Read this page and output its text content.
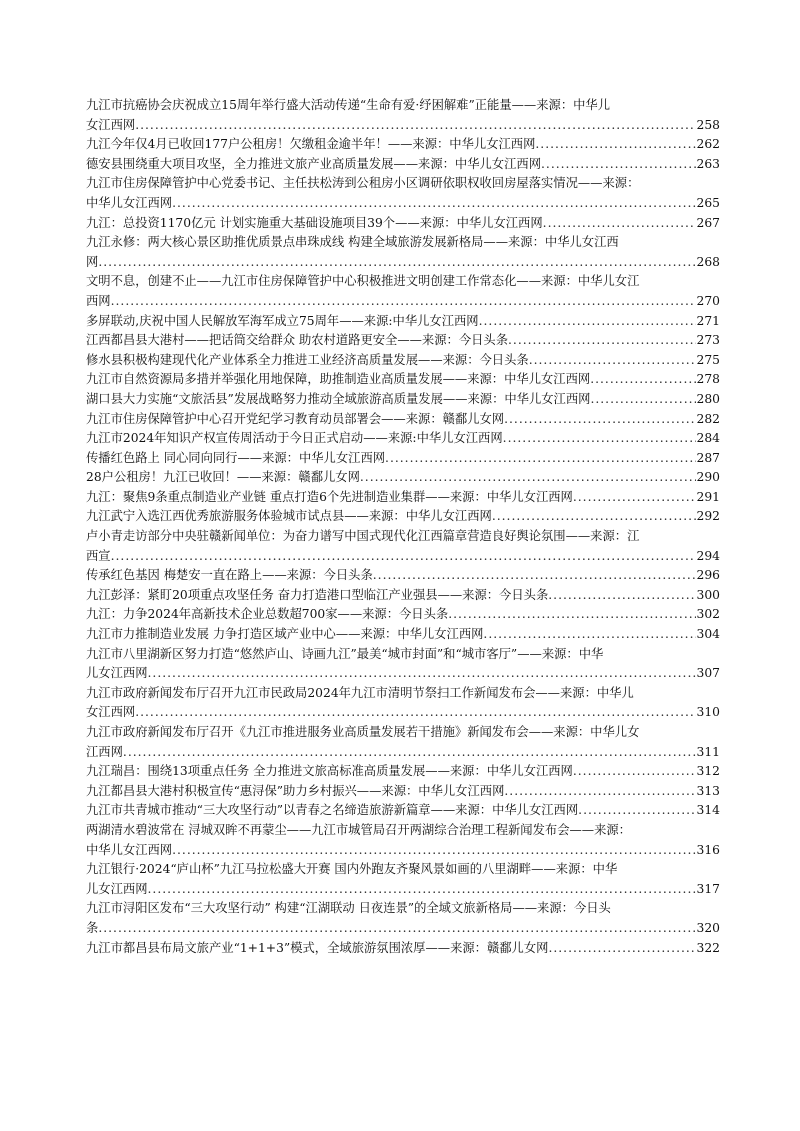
九江市抗癌协会庆祝成立15周年举行盛大活动传递“生命有爱·纾困解难”正能量——来源：中华儿
女江西网 .....	258
九江今年仅4月已收回177户公租房！欠缴租金逾半年！——来源：中华儿女江西网 .....	262
德安县围绕重大项目攻坚，全力推进文旅产业高质量发展——来源：中华儿女江西网 .....	263
九江市住房保障管护中心党委书记、主任扶松涛到公租房小区调研依职权收回房屋落实情况——来源：
中华儿女江西网 .....	265
九江：总投资1170亿元 计划实施重大基础设施项目39个——来源：中华儿女江西网 .....	267
九江永修：两大核心景区助推优质景点串珠成线 构建全域旅游发展新格局——来源：中华儿女江西
网 .....	268
文明不息，创建不止——九江市住房保障管护中心积极推进文明创建工作常态化——来源：中华儿女江
西网 .....	270
多屏联动,庆祝中国人民解放军海军成立75周年——来源:中华儿女江西网 .....	271
江西都昌县大港村——把话筒交给群众 助农村道路更安全——来源：今日头条 .....	273
修水县积极构建现代化产业体系全力推进工业经济高质量发展——来源：今日头条 .....	275
九江市自然资源局多措并举强化用地保障，助推制造业高质量发展——来源：中华儿女江西网 .....	278
湖口县大力实施“文旅活县”发展战略努力推动全域旅游高质量发展——来源：中华儿女江西网 .....	280
九江市住房保障管护中心召开党纪学习教育动员部署会——来源：赣鄱儿女网 .....	282
九江市2024年知识产权宣传周活动于今日正式启动——来源:中华儿女江西网 .....	284
传播红色路上 同心同向同行——来源：中华儿女江西网 .....	287
28户公租房！九江已收回！——来源：赣鄱儿女网 .....	290
九江：聚焦9条重点制造业产业链 重点打造6个先进制造业集群——来源：中华儿女江西网 .....	291
九江武宁入选江西优秀旅游服务体验城市试点县——来源：中华儿女江西网 .....	292
卢小青走访部分中央驻赣新闻单位：为奋力谱写中国式现代化江西篇章营造良好舆论氛围——来源：江
西宣 .....	294
传承红色基因 梅楚安一直在路上——来源：今日头条 .....	296
九江彭泽：紧盯20项重点攻坚任务 奋力打造港口型临江产业强县——来源：今日头条 .....	300
九江：力争2024年高新技术企业总数超700家——来源：今日头条 .....	302
九江市力推制造业发展 力争打造区域产业中心——来源：中华儿女江西网 .....	304
九江市八里湖新区努力打造“悠然庐山、诗画九江”最美“城市封面”和“城市客厅”——来源：中华
儿女江西网 .....	307
九江市政府新闻发布厅召开九江市民政局2024年九江市清明节祭扫工作新闻发布会——来源：中华儿
女江西网 .....	310
九江市政府新闻发布厅召开《九江市推进服务业高质量发展若干措施》新闻发布会——来源：中华儿女
江西网 .....	311
九江瑞昌：围绕13项重点任务 全力推进文旅高标准高质量发展——来源：中华儿女江西网 .....	312
九江都昌县大港村积极宣传“惠浔保”助力乡村振兴——来源：中华儿女江西网 .....	313
九江市共青城市推动“三大攻坚行动”以青春之名缔造旅游新篇章——来源：中华儿女江西网 .....	314
两湖清水碧波常在 浔城双眸不再蒙尘——九江市城管局召开两湖综合治理工程新闻发布会——来源：
中华儿女江西网 .....	316
九江银行·2024“庐山杯”九江马拉松盛大开赛 国内外跑友齐聚风景如画的八里湖畔——来源：中华
儿女江西网 .....	317
九江市浔阳区发布“三大攻坚行动” 构建“江湖联动 日夜连景”的全域文旅新格局——来源：今日头
条 .....	320
九江市都昌县布局文旅产业“1+1+3”模式，全域旅游氛围浓厚——来源：赣鄱儿女网 .....	322
